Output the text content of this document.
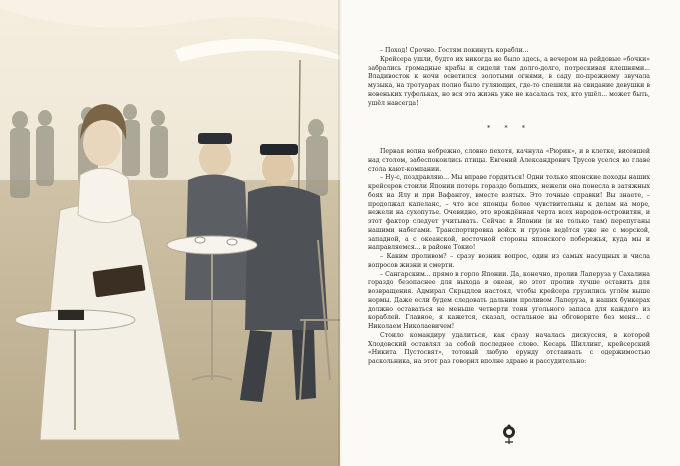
– Поход! Срочно. Гостям покинуть корабли...

Крейсера ушли, будто их никогда не было здесь, а вечером на рейдовые «бочки» забрались громадные крабы и сидели там долго-долго, потрескивая клешнями... Владивосток к ночи осветился золотыми огнями, в саду по-прежнему звучала музыка, на тротуарах полно было гуляющих, где-то спешили на свидание девушки в новеньких туфельках, но вся эта жизнь уже не касалась тех, кто ушёл... может быть, ушёл навсегда!

* * *

Первая волна небрежно, словно пехотя, качнула «Рюрик», и в клетке, висевшей над столом, забеспокоились птицы. Евгений Александрович Трусов уселся во главе стола кают-компании.

– Ну-с, поздравляю... Мы вправе гордиться! Одни только японские походы наших крейсеров стоили Японии потерь гораздо больших, нежели она понесла в затяжных боях на Ялу и при Вафангоу, вместе взятых. Это точные справки! Вы знаете, – продолжал капеланс, – что все японцы более чувствительны к делам на море, нежели на сухопутье. Очевидно, это врождённая черта всех народов-островитян, и этот фактор следует учитывать. Сейчас в Японии (и не только там) перепуганы нашими набегами. Транспортировка войск и грузов ведётся уже не с морской, западной, а с океанской, восточной стороны японского побережья, куда мы и направляемся... в районе Токио!

– Каким проливом? – сразу возник вопрос, один из самых насущных и числа вопросов жизни и смерти.

– Сангарским... прямо в горло Японии. Да, конечно, пролив Лаперуза у Сахалина гораздо безопаснее для выхода в океан, но этот пролив лучше оставить для возвращения. Адмирал Скрыдлов настоял, чтобы крейсера грузились углём выше нормы. Даже если будем следовать дальним проливом Лаперуза, в наших бункерах должно оставаться не меньше четверти тонн угольного запаса для каждого из кораблей. Главное, я кажется, сказал, остальное вы обговорите без меня... с Николаем Николаевичем!

Стоило командиру удалиться, как сразу началась дискуссия, в которой Хлодовский оставлял за собой последнее слово. Кесарь Шиллинг, крейсерский «Никита Пустосвят», тотовый любую ерунду отстаивать с одержимостью раскольника, на этот раз говорил вполне здраво и рассудительно:
